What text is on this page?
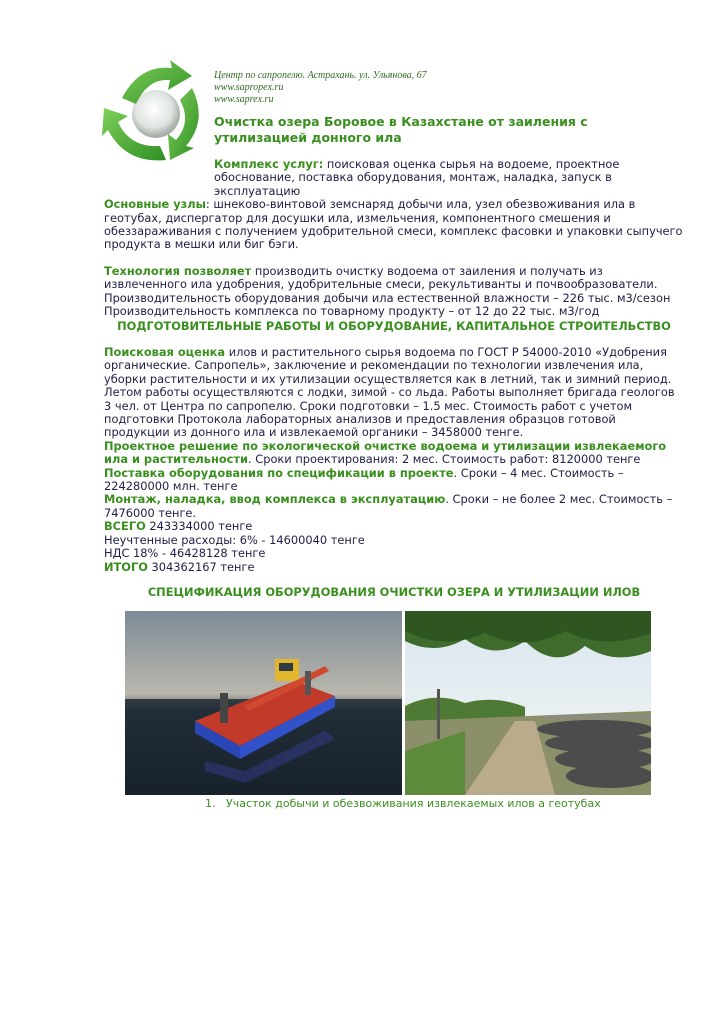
Центр по сапропелю. Астрахань. ул. Ульянова, 67
www.sapropex.ru
www.saprex.ru
Очистка озера Боровое в Казахстане от заиления с утилизацией донного ила

Комплекс услуг: поисковая оценка сырья на водоеме, проектное обоснование, поставка оборудования, монтаж, наладка, запуск в эксплуатацию

Основные узлы: шнеково-винтовой земснаряд добычи ила, узел обезвоживания ила в геотубах, диспергатор для досушки ила, измельчения, компонентного смешения и обеззараживания с получением удобрительной смеси, комплекс фасовки и упаковки сыпучего продукта в мешки или биг бэги.

Технология позволяет производить очистку водоема от заиления и получать из извлеченного ила удобрения, удобрительные смеси, рекультиванты и почвообразователи.

Производительность оборудования добычи ила естественной влажности – 226 тыс. м3/сезон

Производительность комплекса по товарному продукту – от 12 до 22 тыс. м3/год

ПОДГОТОВИТЕЛЬНЫЕ РАБОТЫ И ОБОРУДОВАНИЕ, КАПИТАЛЬНОЕ СТРОИТЕЛЬСТВО

Поисковая оценка илов и растительного сырья водоема по ГОСТ Р 54000-2010 «Удобрения органические. Сапропель», заключение и рекомендации по технологии извлечения ила, уборки растительности и их утилизации осуществляется как в летний, так и зимний период. Летом работы осуществляются с лодки, зимой - со льда. Работы выполняет бригада геологов 3 чел. от Центра по сапропелю. Сроки подготовки – 1.5 мес. Стоимость работ с учетом подготовки Протокола лабораторных анализов и предоставления образцов готовой продукции из донного ила и извлекаемой органики – 3458000 тенге.

Проектное решение по экологической очистке водоема и утилизации извлекаемого ила и растительности. Сроки проектирования: 2 мес. Стоимость работ: 8120000 тенге

Поставка оборудования по спецификации в проекте. Сроки – 4 мес. Стоимость – 224280000 млн. тенге

Монтаж, наладка, ввод комплекса в эксплуатацию. Сроки – не более 2 мес. Стоимость – 7476000 тенге.

ВСЕГО 243334000 тенге

Неучтенные расходы: 6% - 14600040 тенге

НДС 18% - 46428128 тенге

ИТОГО 304362167 тенге

СПЕЦИФИКАЦИЯ ОБОРУДОВАНИЯ ОЧИСТКИ ОЗЕРА И УТИЛИЗАЦИИ ИЛОВ
1. Участок добычи и обезвоживания извлекаемых илов а геотубах
